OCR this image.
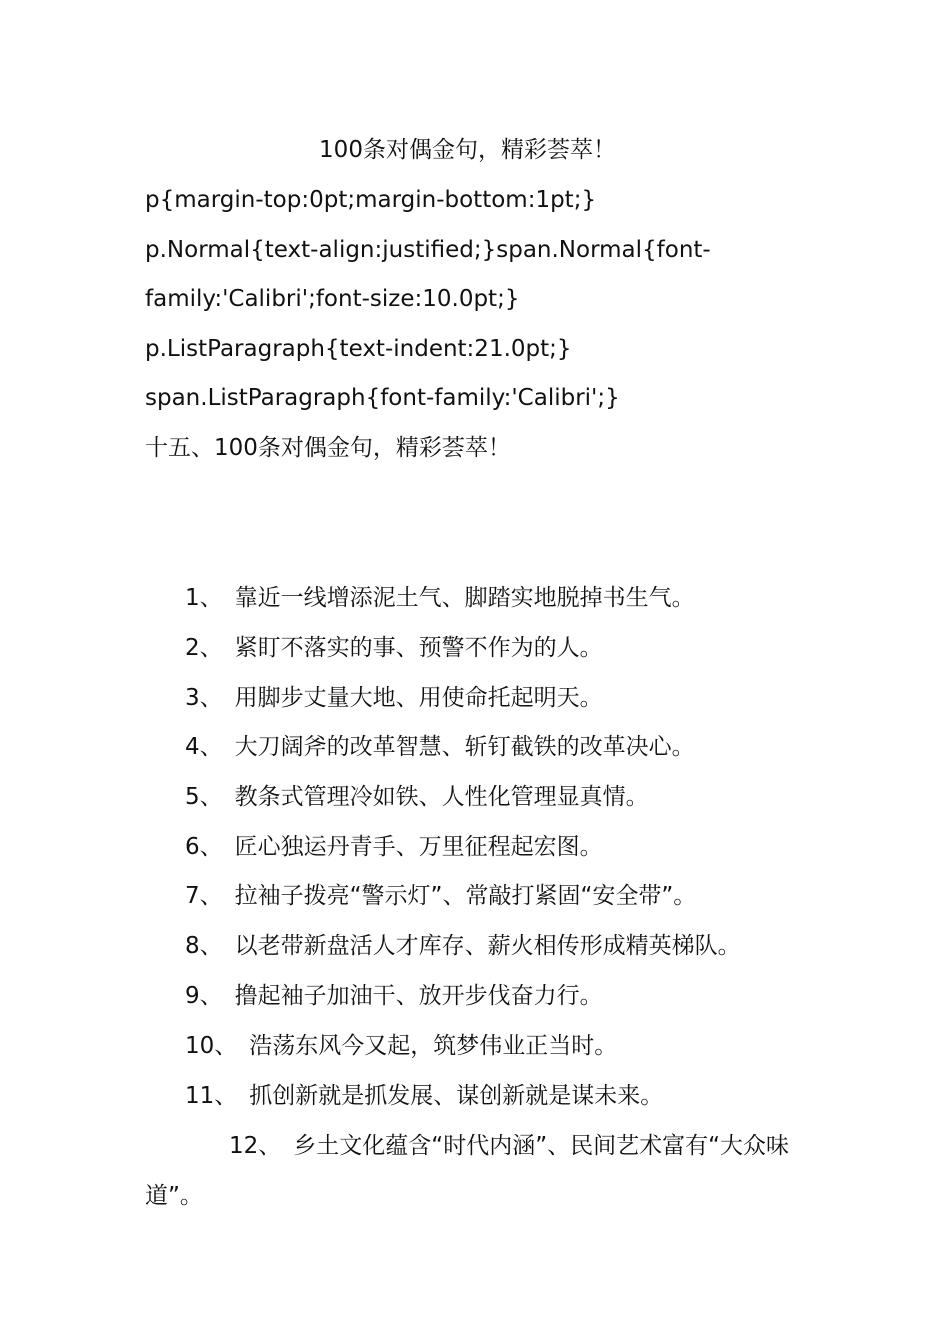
100条对偶金句，精彩荟萃！
p{margin-top:0pt;margin-bottom:1pt;}
p.Normal{text-align:justified;}span.Normal{font-
family:'Calibri';font-size:10.0pt;}
p.ListParagraph{text-indent:21.0pt;}
span.ListParagraph{font-family:'Calibri';}
十五、100条对偶金句，精彩荟萃！
1、 靠近一线增添泥土气、脚踏实地脱掉书生气。
2、 紧盯不落实的事、预警不作为的人。
3、 用脚步丈量大地、用使命托起明天。
4、 大刀阔斧的改革智慧、斩钉截铁的改革决心。
5、 教条式管理冷如铁、人性化管理显真情。
6、 匠心独运丹青手、万里征程起宏图。
7、 拉袖子拨亮“警示灯”、常敲打紧固“安全带”。
8、 以老带新盘活人才库存、薪火相传形成精英梯队。
9、 撸起袖子加油干、放开步伐奋力行。
10、 浩荡东风今又起，筑梦伟业正当时。
11、 抓创新就是抓发展、谋创新就是谋未来。
12、 乡土文化蕴含“时代内涵”、民间艺术富有“大众味道”。
